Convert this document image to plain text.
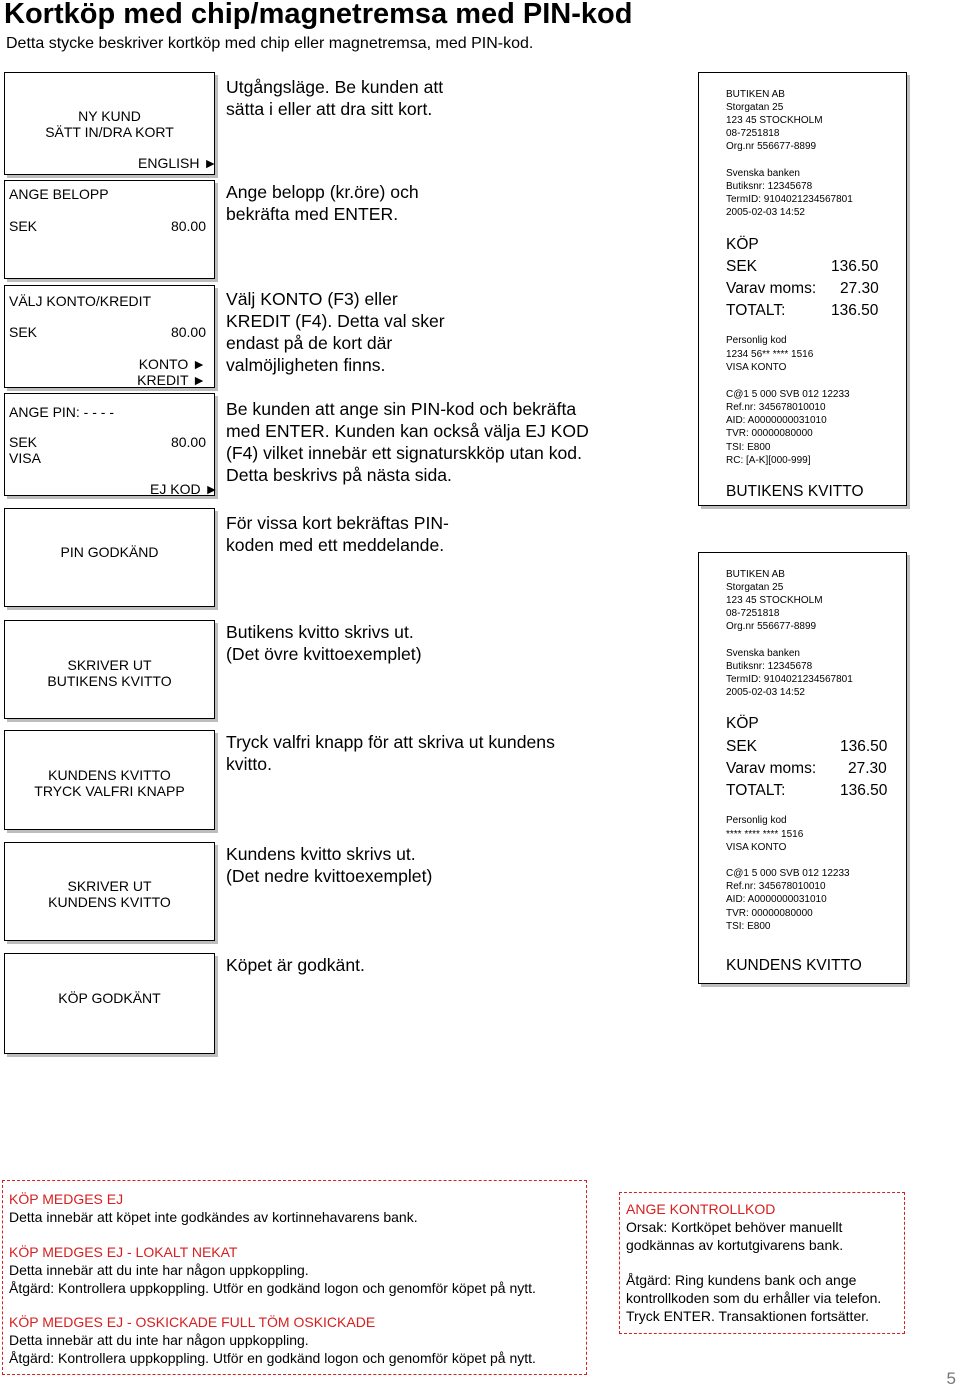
Kortköp med chip/magnetremsa med PIN-kod
Detta stycke beskriver kortköp med chip eller magnetremsa, med PIN-kod.
NY KUND
SÄTT IN/DRA KORT
ENGLISH ►
ANGE BELOPP
SEK	80.00
VÄLJ KONTO/KREDIT
SEK	80.00
KONTO ►
KREDIT ►
ANGE PIN: - - - -
SEK	80.00
VISA
EJ KOD ►
PIN GODKÄND
SKRIVER UT
BUTIKENS KVITTO
KUNDENS KVITTO
TRYCK VALFRI KNAPP
SKRIVER UT
KUNDENS KVITTO
KÖP GODKÄNT
Utgångsläge. Be kunden att
sätta i eller att dra sitt kort.
Ange belopp (kr.öre) och
bekräfta med ENTER.
Välj KONTO (F3) eller
KREDIT (F4). Detta val sker
endast på de kort där
valmöjligheten finns.
Be kunden att ange sin PIN-kod och bekräfta
med ENTER. Kunden kan också välja EJ KOD
(F4) vilket innebär ett signaturskköp utan kod.
Detta beskrivs på nästa sida.
För vissa kort bekräftas PIN-
koden med ett meddelande.
Butikens kvitto skrivs ut.
(Det övre kvittoexemplet)
Tryck valfri knapp för att skriva ut kundens
kvitto.
Kundens kvitto skrivs ut.
(Det nedre kvittoexemplet)
Köpet är godkänt.
BUTIKEN AB
Storgatan 25
123 45 STOCKHOLM
08-7251818
Org.nr 556677-8899
Svenska banken
Butiksnr: 12345678
TermID: 9104021234567801
2005-02-03 14:52
KÖP
SEK	136.50
Varav moms: 27.30
TOTALT:	136.50
Personlig kod
1234 56** **** 1516
VISA KONTO
C@1 5 000 SVB 012 12233
Ref.nr: 345678010010
AID: A0000000031010
TVR: 00000080000
TSI: E800
RC: [A-K][000-999]
BUTIKENS KVITTO
BUTIKEN AB
Storgatan 25
123 45 STOCKHOLM
08-7251818
Org.nr 556677-8899
Svenska banken
Butiksnr: 12345678
TermID: 9104021234567801
2005-02-03 14:52
KÖP
SEK	136.50
Varav moms: 27.30
TOTALT:	136.50
Personlig kod
**** **** **** 1516
VISA KONTO
C@1 5 000 SVB 012 12233
Ref.nr: 345678010010
AID: A0000000031010
TVR: 00000080000
TSI: E800
KUNDENS KVITTO
KÖP MEDGES EJ
Detta innebär att köpet inte godkändes av kortinnehavarens bank.
KÖP MEDGES EJ - LOKALT NEKAT
Detta innebär att du inte har någon uppkoppling.
Åtgärd: Kontrollera uppkoppling. Utför en godkänd logon och genomför köpet på nytt.
KÖP MEDGES EJ - OSKICKADE FULL TÖM OSKICKADE
Detta innebär att du inte har någon uppkoppling.
Åtgärd: Kontrollera uppkoppling. Utför en godkänd logon och genomför köpet på nytt.
ANGE KONTROLLKOD
Orsak: Kortköpet behöver manuellt
godkännas av kortutgivarens bank.
Åtgärd: Ring kundens bank och ange
kontrollkoden som du erhåller via telefon.
Tryck ENTER. Transaktionen fortsätter.
5
